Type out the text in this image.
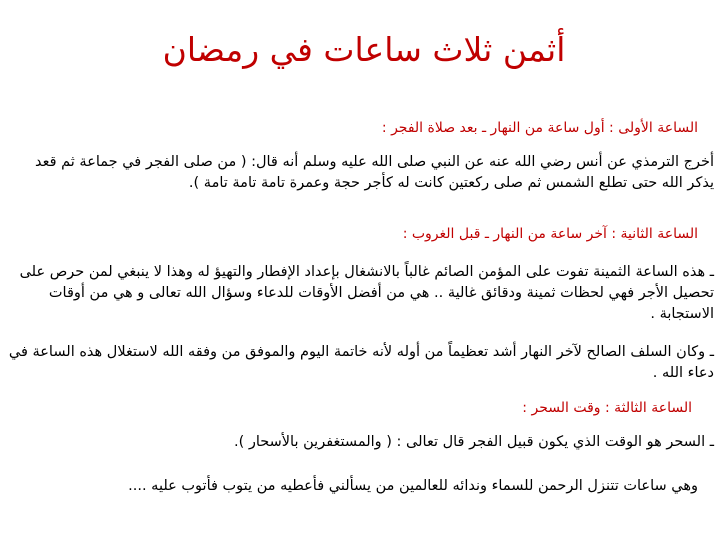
أثمن ثلاث ساعات في رمضان

الساعة الأولى : أول ساعة من النهار ـ بعد صلاة الفجر :

أخرج الترمذي عن أنس رضي الله عنه عن النبي صلى الله عليه وسلم أنه قال: ( من صلى الفجر في جماعة ثم قعد يذكر الله حتى تطلع الشمس ثم صلى ركعتين كانت له كأجر حجة وعمرة تامة تامة تامة ).

الساعة الثانية : آخر ساعة من النهار ـ قبل الغروب :

ـ هذه الساعة الثمينة تفوت على المؤمن الصائم غالباً بالانشغال بإعداد الإفطار والتهيؤ له وهذا لا ينبغي لمن حرص على تحصيل الأجر فهي لحظات ثمينة ودقائق غالية .. هي من أفضل الأوقات للدعاء وسؤال الله تعالى و هي من أوقات الاستجابة .

ـ وكان السلف الصالح لآخر النهار أشد تعظيماً من أوله لأنه خاتمة اليوم والموفق من وفقه الله لاستغلال هذه الساعة في دعاء الله .

الساعة الثالثة : وقت السحر :

ـ السحر هو الوقت الذي يكون قبيل الفجر قال تعالى : ( والمستغفرين بالأسحار ).

وهي ساعات تتنزل الرحمن للسماء وندائه للعالمين من يسألني فأعطيه من يتوب فأتوب عليه ....
